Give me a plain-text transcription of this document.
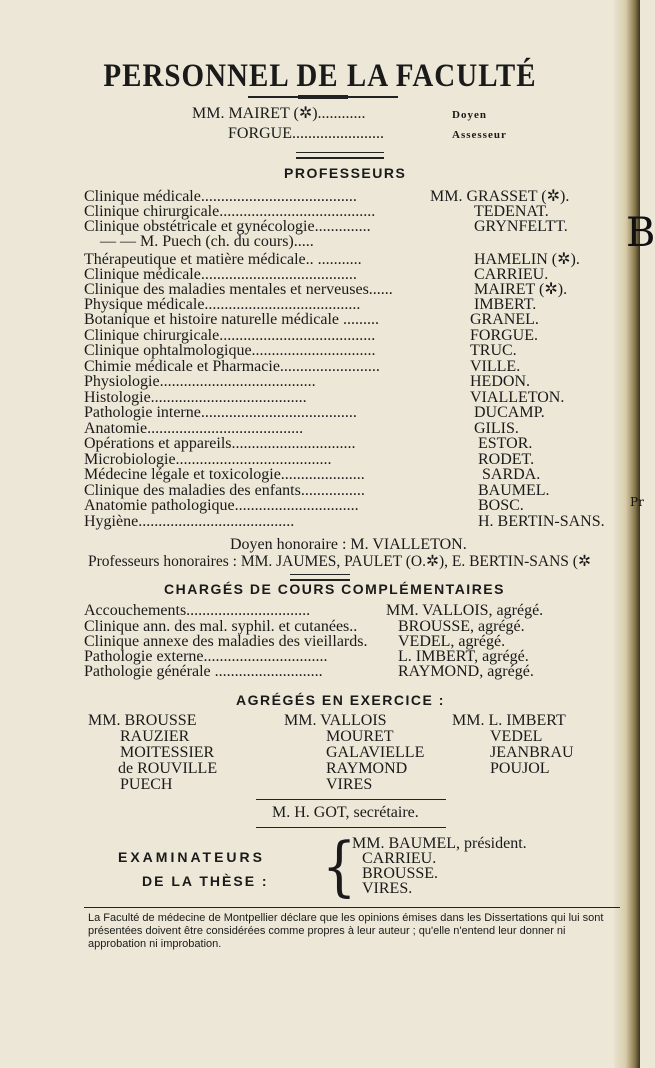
B
Pr
PERSONNEL DE LA FACULTÉ
MM. MAIRET (✲)............	Doyen
FORGUE.......................	Assesseur
PROFESSEURS
Clinique médicale.......................................	MM. GRASSET (✲).
Clinique chirurgicale.......................................	TEDENAT.
Clinique obstétricale et gynécologie..............	GRYNFELTT.
— — M. Puech (ch. du cours).....
Thérapeutique et matière médicale.. ...........	HAMELIN (✲).
Clinique médicale.......................................	CARRIEU.
Clinique des maladies mentales et nerveuses......	MAIRET (✲).
Physique médicale.......................................	IMBERT.
Botanique et histoire naturelle médicale .........	GRANEL.
Clinique chirurgicale.......................................	FORGUE.
Clinique ophtalmologique...............................	TRUC.
Chimie médicale et Pharmacie.........................	VILLE.
Physiologie.......................................	HEDON.
Histologie.......................................	VIALLETON.
Pathologie interne.......................................	DUCAMP.
Anatomie.......................................	GILIS.
Opérations et appareils...............................	ESTOR.
Microbiologie.......................................	RODET.
Médecine légale et toxicologie.....................	SARDA.
Clinique des maladies des enfants................	BAUMEL.
Anatomie pathologique...............................	BOSC.
Hygiène.......................................	H. BERTIN-SANS.
Doyen honoraire : M. VIALLETON.
Professeurs honoraires : MM. JAUMES, PAULET (O.✲), E. BERTIN-SANS (✲
CHARGÉS DE COURS COMPLÉMENTAIRES
Accouchements...............................	MM. VALLOIS, agrégé.
Clinique ann. des mal. syphil. et cutanées..	BROUSSE, agrégé.
Clinique annexe des maladies des vieillards. VEDEL, agrégé.
Pathologie externe...............................	L. IMBERT, agrégé.
Pathologie générale ...........................	RAYMOND, agrégé.
AGRÉGÉS EN EXERCICE :
MM. BROUSSE
RAUZIER
MOITESSIER
de ROUVILLE
PUECH
MM. VALLOIS
MOURET
GALAVIELLE
RAYMOND
VIRES
MM. L. IMBERT
VEDEL
JEANBRAU
POUJOL
M. H. GOT, secrétaire.
EXAMINATEURS
DE LA THÈSE : {
MM. BAUMEL, président.
CARRIEU.
BROUSSE.
VIRES.
La Faculté de médecine de Montpellier déclare que les opinions émises dans les Dissertations qui lui sont présentées doivent être considérées comme propres à leur auteur ; qu'elle n'entend leur donner ni approbation ni improbation.
